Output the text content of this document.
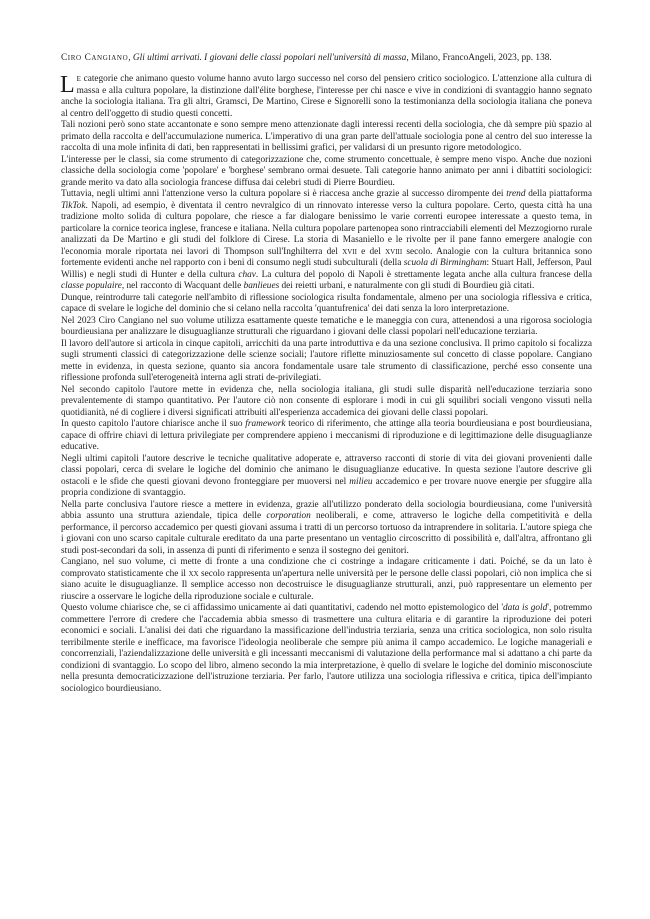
Ciro Cangiano, Gli ultimi arrivati. I giovani delle classi popolari nell'università di massa, Milano, FrancoAngeli, 2023, pp. 138.

Le categorie che animano questo volume hanno avuto largo successo nel corso del pensiero critico sociologico. L'attenzione alla cultura di massa e alla cultura popolare, la distinzione dall'élite borghese, l'interesse per chi nasce e vive in condizioni di svantaggio hanno segnato anche la sociologia italiana. Tra gli altri, Gramsci, De Martino, Cirese e Signorelli sono la testimonianza della sociologia italiana che poneva al centro dell'oggetto di studio questi concetti.

Tali nozioni però sono state accantonate e sono sempre meno attenzionate dagli interessi recenti della sociologia, che dà sempre più spazio al primato della raccolta e dell'accumulazione numerica. L'imperativo di una gran parte dell'attuale sociologia pone al centro del suo interesse la raccolta di una mole infinita di dati, ben rappresentati in bellissimi grafici, per validarsi di un presunto rigore metodologico.

L'interesse per le classi, sia come strumento di categorizzazione che, come strumento concettuale, è sempre meno vispo. Anche due nozioni classiche della sociologia come 'popolare' e 'borghese' sembrano ormai desuete. Tali categorie hanno animato per anni i dibattiti sociologici: grande merito va dato alla sociologia francese diffusa dai celebri studi di Pierre Bourdieu.

Tuttavia, negli ultimi anni l'attenzione verso la cultura popolare si è riaccesa anche grazie al successo dirompente dei trend della piattaforma TikTok. Napoli, ad esempio, è diventata il centro nevralgico di un rinnovato interesse verso la cultura popolare. Certo, questa città ha una tradizione molto solida di cultura popolare, che riesce a far dialogare benissimo le varie correnti europee interessate a questo tema, in particolare la cornice teorica inglese, francese e italiana. Nella cultura popolare partenopea sono rintracciabili elementi del Mezzogiorno rurale analizzati da De Martino e gli studi del folklore di Cirese. La storia di Masaniello e le rivolte per il pane fanno emergere analogie con l'economia morale riportata nei lavori di Thompson sull'Inghilterra del xvii e del xviii secolo. Analogie con la cultura britannica sono fortemente evidenti anche nel rapporto con i beni di consumo negli studi subculturali (della scuola di Birmingham: Stuart Hall, Jefferson, Paul Willis) e negli studi di Hunter e della cultura chav. La cultura del popolo di Napoli è strettamente legata anche alla cultura francese della classe populaire, nel racconto di Wacquant delle banlieues dei reietti urbani, e naturalmente con gli studi di Bourdieu già citati.

Dunque, reintrodurre tali categorie nell'ambito di riflessione sociologica risulta fondamentale, almeno per una sociologia riflessiva e critica, capace di svelare le logiche del dominio che si celano nella raccolta 'quantufrenica' dei dati senza la loro interpretazione.

Nel 2023 Ciro Cangiano nel suo volume utilizza esattamente queste tematiche e le maneggia con cura, attenendosi a una rigorosa sociologia bourdieusiana per analizzare le disuguaglianze strutturali che riguardano i giovani delle classi popolari nell'educazione terziaria.

Il lavoro dell'autore si articola in cinque capitoli, arricchiti da una parte introduttiva e da una sezione conclusiva. Il primo capitolo si focalizza sugli strumenti classici di categorizzazione delle scienze sociali; l'autore riflette minuziosamente sul concetto di classe popolare. Cangiano mette in evidenza, in questa sezione, quanto sia ancora fondamentale usare tale strumento di classificazione, perché esso consente una riflessione profonda sull'eterogeneità interna agli strati de-privilegiati.

Nel secondo capitolo l'autore mette in evidenza che, nella sociologia italiana, gli studi sulle disparità nell'educazione terziaria sono prevalentemente di stampo quantitativo. Per l'autore ciò non consente di esplorare i modi in cui gli squilibri sociali vengono vissuti nella quotidianità, né di cogliere i diversi significati attribuiti all'esperienza accademica dei giovani delle classi popolari.

In questo capitolo l'autore chiarisce anche il suo framework teorico di riferimento, che attinge alla teoria bourdieusiana e post bourdieusiana, capace di offrire chiavi di lettura privilegiate per comprendere appieno i meccanismi di riproduzione e di legittimazione delle disuguaglianze educative.

Negli ultimi capitoli l'autore descrive le tecniche qualitative adoperate e, attraverso racconti di storie di vita dei giovani provenienti dalle classi popolari, cerca di svelare le logiche del dominio che animano le disuguaglianze educative. In questa sezione l'autore descrive gli ostacoli e le sfide che questi giovani devono fronteggiare per muoversi nel milieu accademico e per trovare nuove energie per sfuggire alla propria condizione di svantaggio.

Nella parte conclusiva l'autore riesce a mettere in evidenza, grazie all'utilizzo ponderato della sociologia bourdieusiana, come l'università abbia assunto una struttura aziendale, tipica delle corporation neoliberali, e come, attraverso le logiche della competitività e della performance, il percorso accademico per questi giovani assuma i tratti di un percorso tortuoso da intraprendere in solitaria. L'autore spiega che i giovani con uno scarso capitale culturale ereditato da una parte presentano un ventaglio circoscritto di possibilità e, dall'altra, affrontano gli studi post-secondari da soli, in assenza di punti di riferimento e senza il sostegno dei genitori.

Cangiano, nel suo volume, ci mette di fronte a una condizione che ci costringe a indagare criticamente i dati. Poiché, se da un lato è comprovato statisticamente che il xx secolo rappresenta un'apertura nelle università per le persone delle classi popolari, ciò non implica che si siano acuite le disuguaglianze. Il semplice accesso non decostruisce le disuguaglianze strutturali, anzi, può rappresentare un elemento per riuscire a osservare le logiche della riproduzione sociale e culturale.

Questo volume chiarisce che, se ci affidassimo unicamente ai dati quantitativi, cadendo nel motto epistemologico del 'data is gold', potremmo commettere l'errore di credere che l'accademia abbia smesso di trasmettere una cultura elitaria e di garantire la riproduzione dei poteri economici e sociali. L'analisi dei dati che riguardano la massificazione dell'industria terziaria, senza una critica sociologica, non solo risulta terribilmente sterile e inefficace, ma favorisce l'ideologia neoliberale che sempre più anima il campo accademico. Le logiche manageriali e concorrenziali, l'aziendalizzazione delle università e gli incessanti meccanismi di valutazione della performance mal si adattano a chi parte da condizioni di svantaggio. Lo scopo del libro, almeno secondo la mia interpretazione, è quello di svelare le logiche del dominio misconosciute nella presunta democraticizzazione dell'istruzione terziaria. Per farlo, l'autore utilizza una sociologia riflessiva e critica, tipica dell'impianto sociologico bourdieusiano.
